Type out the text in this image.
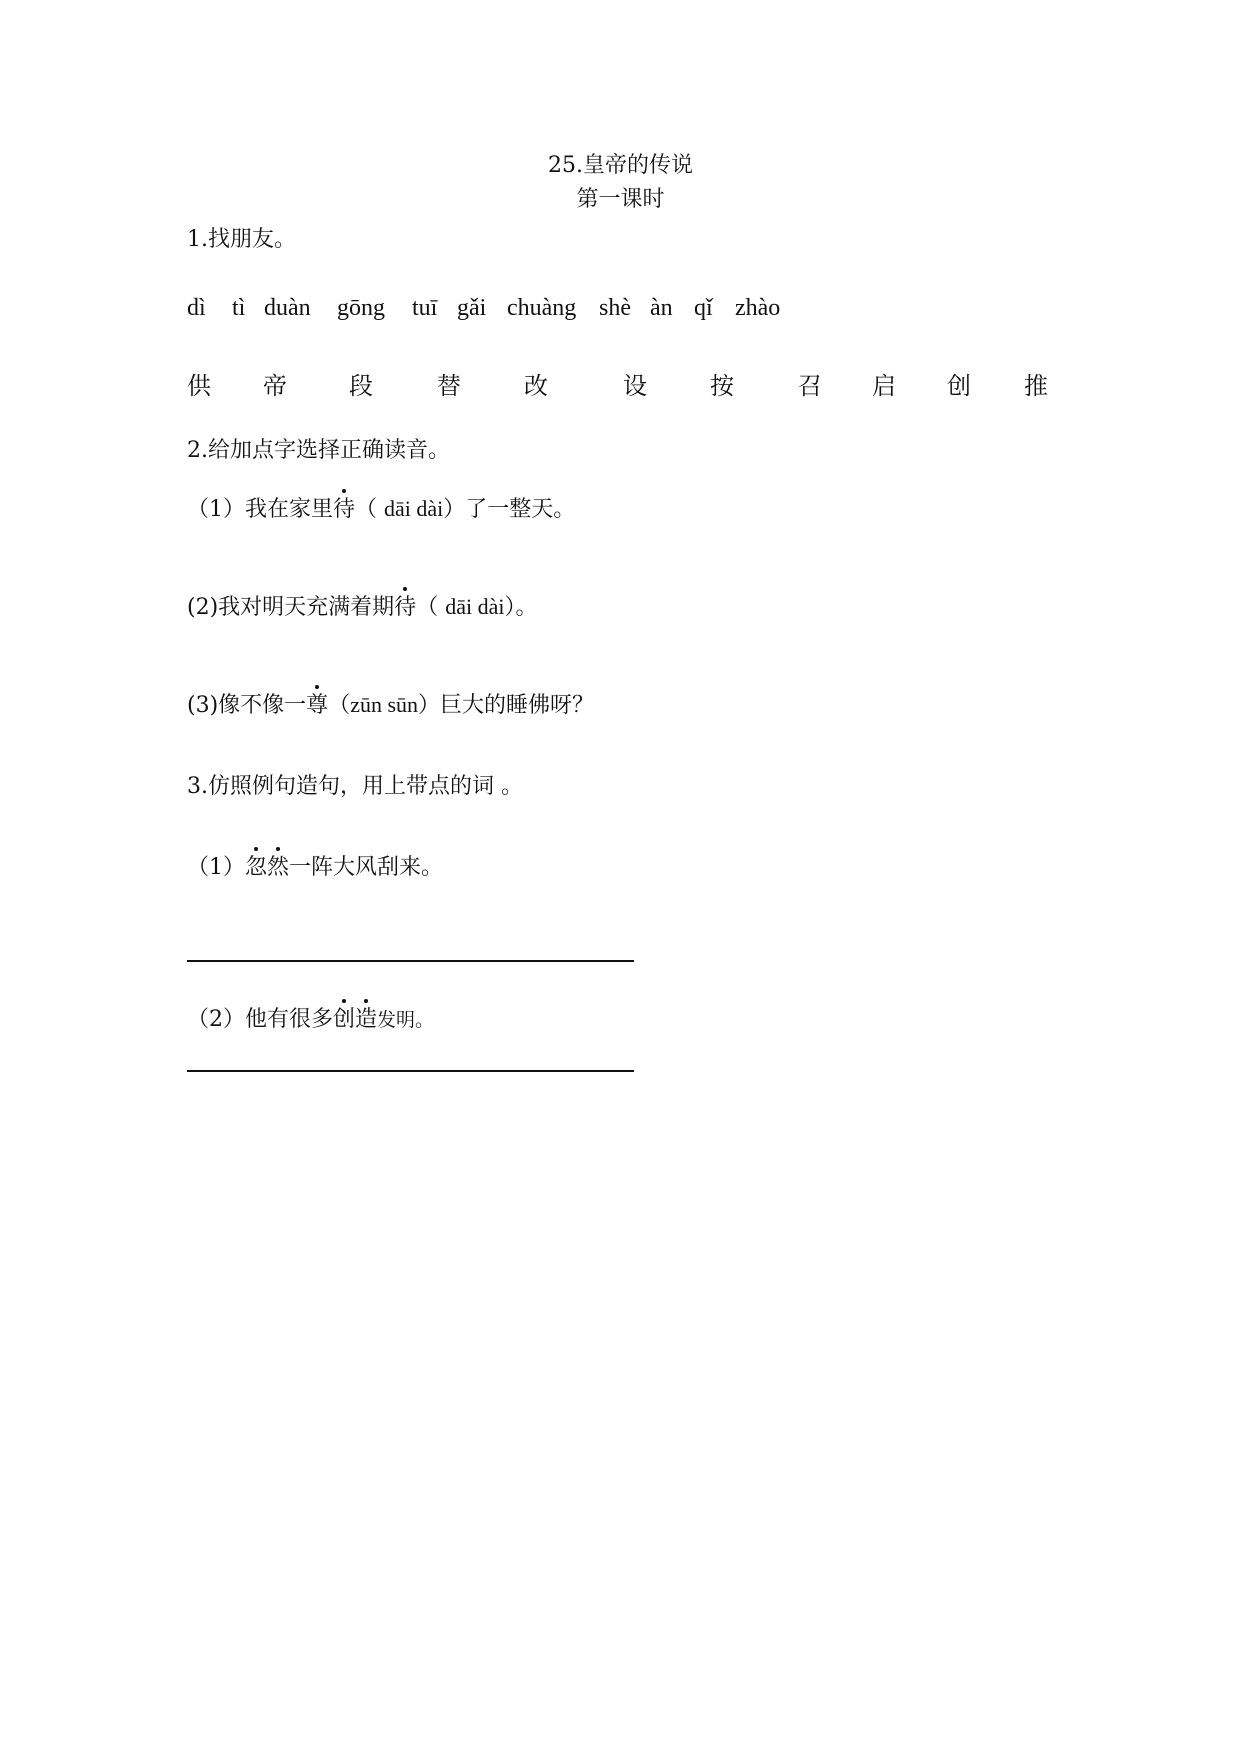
25.皇帝的传说
第一课时
1.找朋友。
dì tì duàn gōng tuī gǎi chuàng shè àn qǐ zhào
供 帝	段	替	改	设	按	召 启 创 推
2.给加点字选择正确读音。
（1）我在家里待（ dāi dài）了一整天。
(2)我对明天充满着期待（ dāi dài）。
(3)像不像一尊（zūn sūn）巨大的睡佛呀？
3.仿照例句造句，用上带点的词 。
（1）忽然一阵大风刮来。
（2）他有很多创造发明。
